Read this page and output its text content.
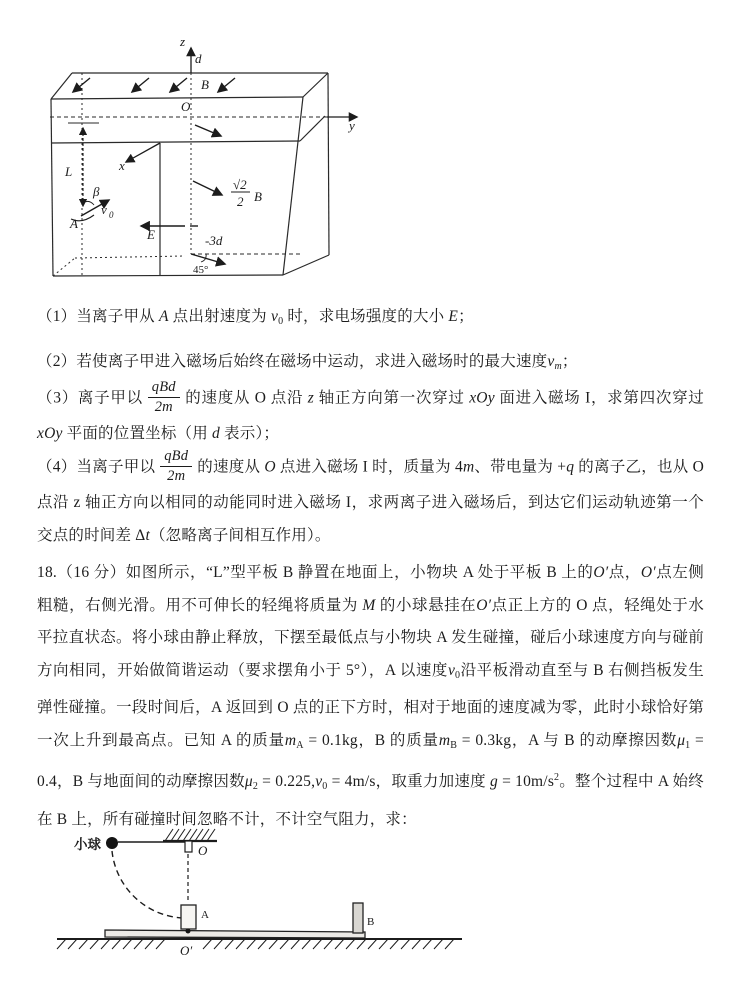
z
d
B
O
y
x
L
β
A
v 0
E
√2
2 B
-3d
45°
（1）当离子甲从 A 点出射速度为 v0 时，求电场强度的大小 E；
（2）若使离子甲进入磁场后始终在磁场中运动，求进入磁场时的最大速度vm；
（3）离子甲以 $\frac{\text{qBd}}{2m}$ 的速度从 O 点沿 z 轴正方向第一次穿过 xOy 面进入磁场 I，求第四次穿过 xOy 平面的位置坐标（用 d 表示）；
（4）当离子甲以 $\frac{\text{qBd}}{2m}$ 的速度从 O 点进入磁场 I 时，质量为 4m、带电量为 +q 的离子乙，也从 O 点沿 z 轴正方向以相同的动能同时进入磁场 I，求两离子进入磁场后，到达它们运动轨迹第一个交点的时间差 Δt（忽略离子间相互作用）。
18.（16 分）如图所示，“L”型平板 B 静置在地面上，小物块 A 处于平板 B 上的O′点，O′点左侧粗糙，右侧光滑。用不可伸长的轻绳将质量为 M 的小球悬挂在O′点正上方的 O 点，轻绳处于水平拉直状态。将小球由静止释放，下摆至最低点与小物块 A 发生碰撞，碰后小球速度方向与碰前方向相同，开始做简谐运动（要求摆角小于 5°），A 以速度v0沿平板滑动直至与 B 右侧挡板发生弹性碰撞。一段时间后，A 返回到 O 点的正下方时，相对于地面的速度减为零，此时小球恰好第一次上升到最高点。已知 A 的质量mA = 0.1kg，B 的质量mB = 0.3kg，A 与 B 的动摩擦因数μ1 = 0.4，B 与地面间的动摩擦因数μ2 = 0.225,v0 = 4m/s，取重力加速度 $g = 10m/s^2$。整个过程中 A 始终在 B 上，所有碰撞时间忽略不计，不计空气阻力，求：
小球	O
A
B
O′
